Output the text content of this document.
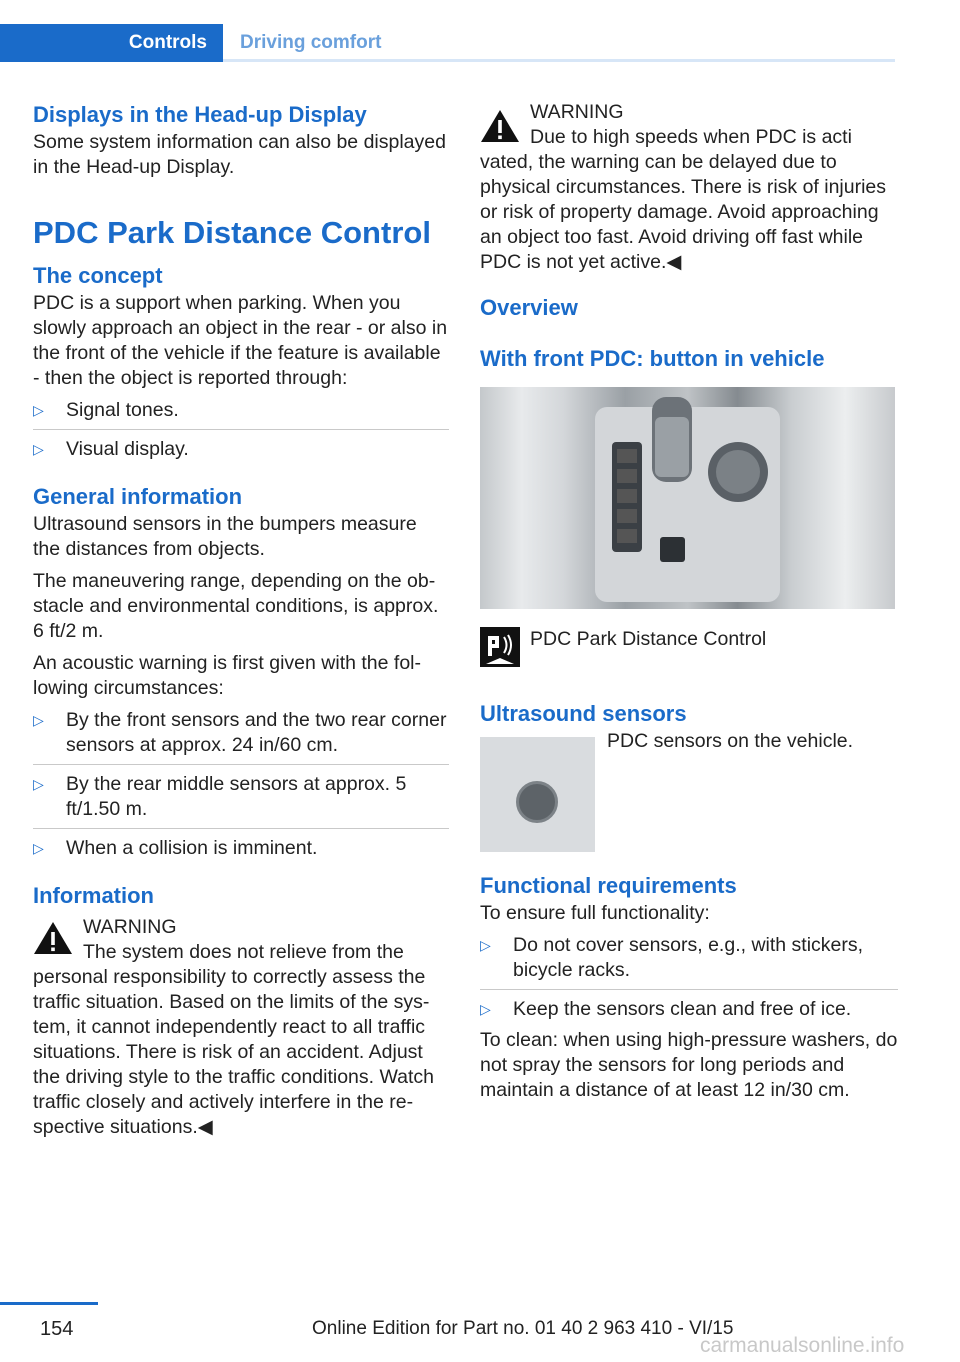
Controls	Driving comfort
Displays in the Head-up Display

Some system information can also be displayed in the Head-up Display.

PDC Park Distance Control
The concept

PDC is a support when parking. When you slowly approach an object in the rear - or also in the front of the vehicle if the feature is available - then the object is reported through:

▷ Signal tones.
▷ Visual display.
General information

Ultrasound sensors in the bumpers measure the distances from objects.

The maneuvering range, depending on the obstacle and environmental conditions, is approx. 6 ft/2 m.

An acoustic warning is first given with the following circumstances:

▷ By the front sensors and the two rear corner sensors at approx. 24 in/60 cm.
▷ By the rear middle sensors at approx. 5 ft/1.50 m.
▷ When a collision is imminent.
Information

WARNING

The system does not relieve from the

personal responsibility to correctly assess the traffic situation. Based on the limits of the system, it cannot independently react to all traffic situations. There is risk of an accident. Adjust the driving style to the traffic conditions. Watch traffic closely and actively interfere in the respective situations.◀

WARNING

Due to high speeds when PDC is acti

vated, the warning can be delayed due to physical circumstances. There is risk of injuries or risk of property damage. Avoid approaching an object too fast. Avoid driving off fast while PDC is not yet active.◀

Overview
With front PDC: button in vehicle

PDC Park Distance Control

Ultrasound sensors

PDC sensors on the vehicle.

Functional requirements

To ensure full functionality:

▷ Do not cover sensors, e.g., with stickers, bicycle racks.
▷ Keep the sensors clean and free of ice.

To clean: when using high-pressure washers, do not spray the sensors for long periods and maintain a distance of at least 12 in/30 cm.

154	Online Edition for Part no. 01 40 2 963 410 - VI/15
carmanualsonline.info
